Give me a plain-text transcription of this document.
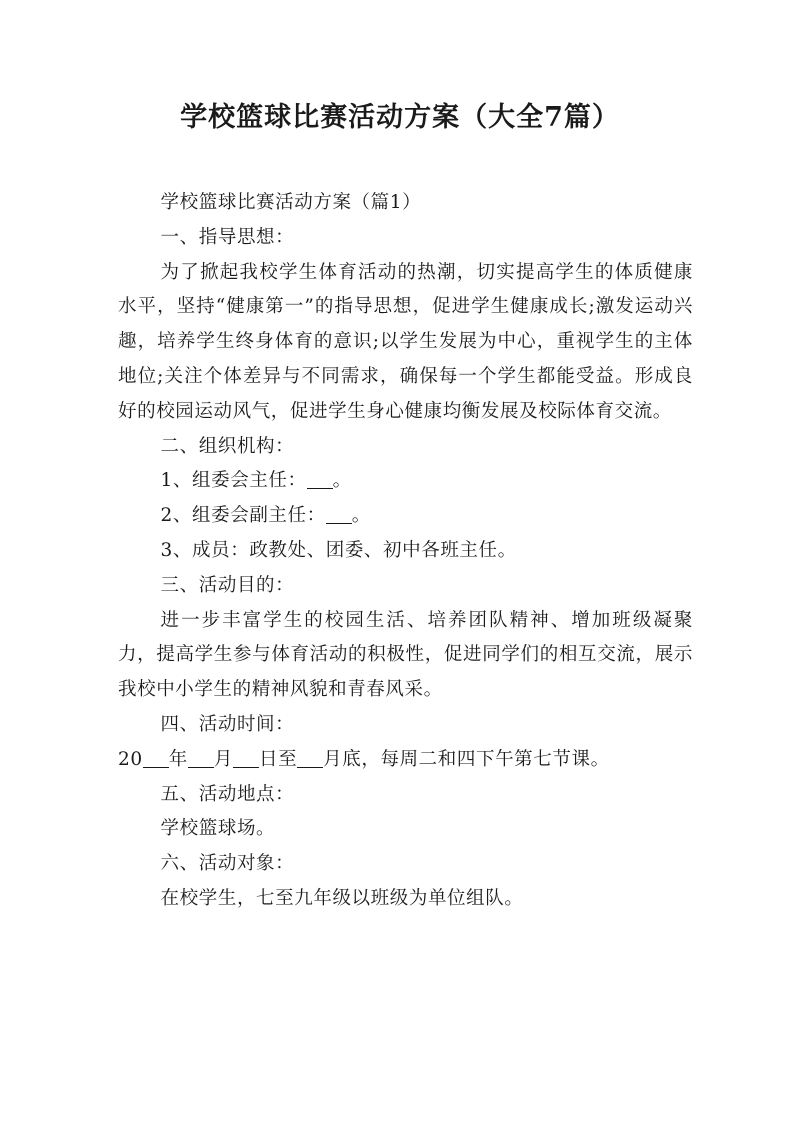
学校篮球比赛活动方案（大全7篇）

学校篮球比赛活动方案（篇1）

一、指导思想：

为了掀起我校学生体育活动的热潮，切实提高学生的体质健康水平，坚持“健康第一”的指导思想，促进学生健康成长;激发运动兴趣，培养学生终身体育的意识;以学生发展为中心，重视学生的主体地位;关注个体差异与不同需求，确保每一个学生都能受益。形成良好的校园运动风气，促进学生身心健康均衡发展及校际体育交流。

二、组织机构：

1、组委会主任： 。

2、组委会副主任： 。

3、成员：政教处、团委、初中各班主任。

三、活动目的：

进一步丰富学生的校园生活、培养团队精神、增加班级凝聚力，提高学生参与体育活动的积极性，促进同学们的相互交流，展示我校中小学生的精神风貌和青春风采。

四、活动时间：

20 年 月 日至 月底，每周二和四下午第七节课。

五、活动地点：

学校篮球场。

六、活动对象：

在校学生，七至九年级以班级为单位组队。
